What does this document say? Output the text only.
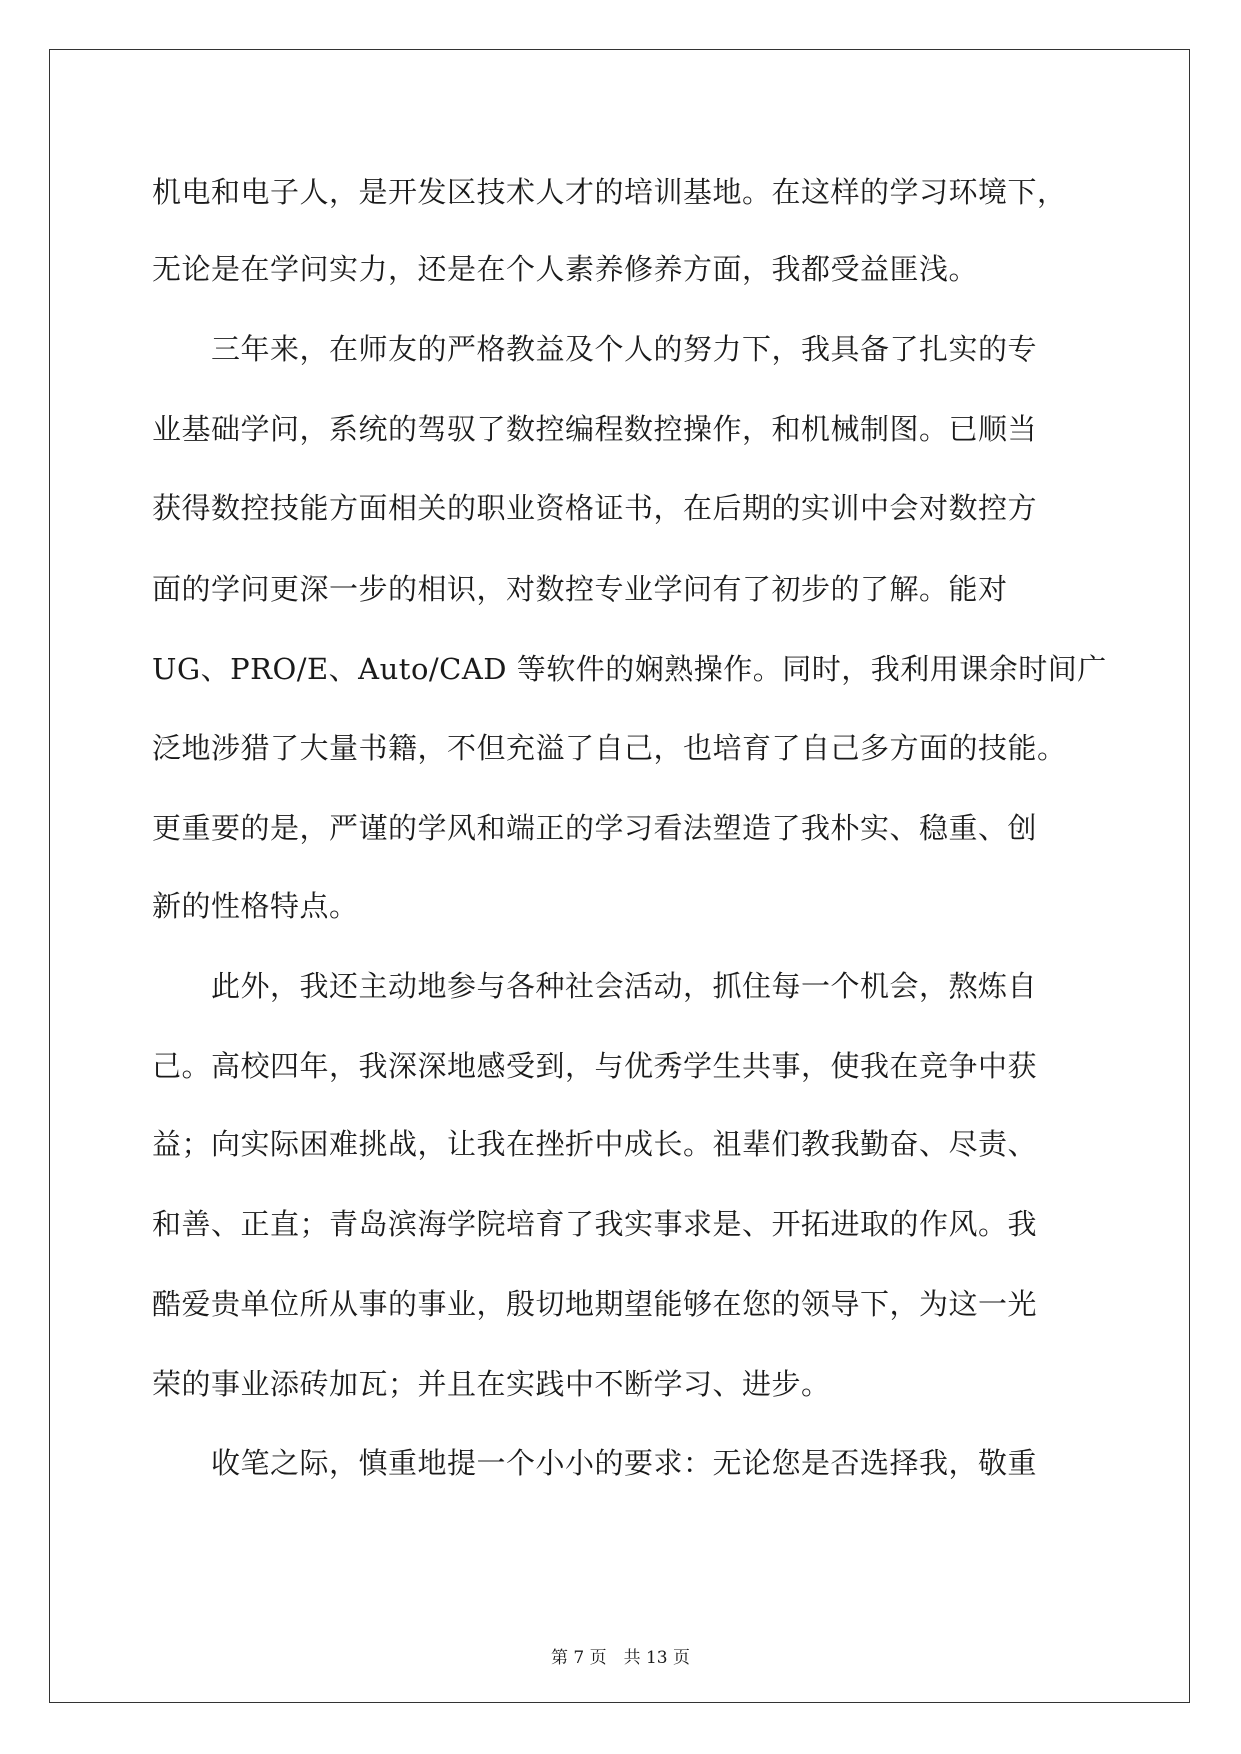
机电和电子人，是开发区技术人才的培训基地。在这样的学习环境下，
无论是在学问实力，还是在个人素养修养方面，我都受益匪浅。
　　三年来，在师友的严格教益及个人的努力下，我具备了扎实的专
业基础学问，系统的驾驭了数控编程数控操作，和机械制图。已顺当
获得数控技能方面相关的职业资格证书，在后期的实训中会对数控方
面的学问更深一步的相识，对数控专业学问有了初步的了解。能对
UG、PRO/E、Auto/CAD 等软件的娴熟操作。同时，我利用课余时间广
泛地涉猎了大量书籍，不但充溢了自己，也培育了自己多方面的技能。
更重要的是，严谨的学风和端正的学习看法塑造了我朴实、稳重、创
新的性格特点。
　　此外，我还主动地参与各种社会活动，抓住每一个机会，熬炼自
己。高校四年，我深深地感受到，与优秀学生共事，使我在竞争中获
益；向实际困难挑战，让我在挫折中成长。祖辈们教我勤奋、尽责、
和善、正直；青岛滨海学院培育了我实事求是、开拓进取的作风。我
酷爱贵单位所从事的事业，殷切地期望能够在您的领导下，为这一光
荣的事业添砖加瓦；并且在实践中不断学习、进步。
　　收笔之际，慎重地提一个小小的要求：无论您是否选择我，敬重
第 7 页　 共 13 页
